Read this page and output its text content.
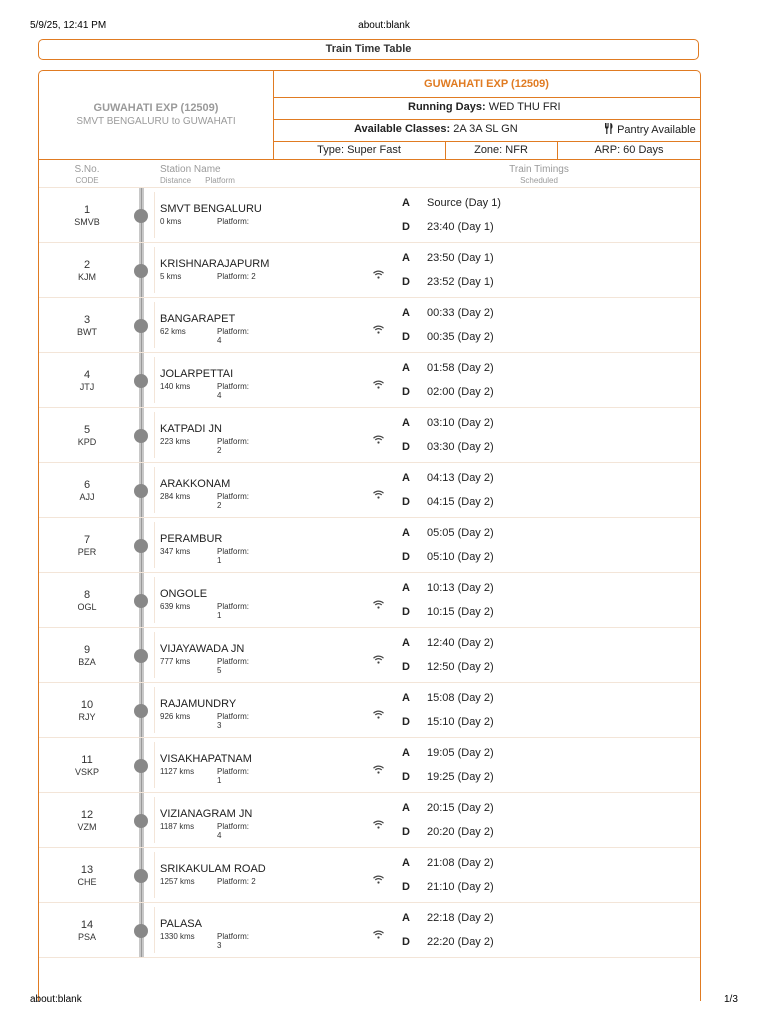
5/9/25, 12:41 PM	about:blank
Train Time Table
GUWAHATI EXP (12509)
SMVT BENGALURU to GUWAHATI
GUWAHATI EXP (12509)
Running Days: WED THU FRI
Available Classes: 2A 3A SL GN	Pantry Available
Type: Super Fast	Zone: NFR	ARP: 60 Days
S.No.
CODE
Station Name
Distance Platform
Train Timings
Scheduled
1
SMVB
SMVT BENGALURU
0 kms	Platform:
A Source (Day 1)
D 23:40 (Day 1)
2
KJM
KRISHNARAJAPURM
5 kms	Platform: 2
A 23:50 (Day 1)
D 23:52 (Day 1)
3
BWT
BANGARAPET
62 kms	Platform: 4
A 00:33 (Day 2)
D 00:35 (Day 2)
4
JTJ
JOLARPETTAI
140 kms	Platform: 4
A 01:58 (Day 2)
D 02:00 (Day 2)
5
KPD
KATPADI JN
223 kms	Platform: 2
A 03:10 (Day 2)
D 03:30 (Day 2)
6
AJJ
ARAKKONAM
284 kms	Platform: 2
A 04:13 (Day 2)
D 04:15 (Day 2)
7
PER
PERAMBUR
347 kms	Platform: 1
A 05:05 (Day 2)
D 05:10 (Day 2)
8
OGL
ONGOLE
639 kms	Platform: 1
A 10:13 (Day 2)
D 10:15 (Day 2)
9
BZA
VIJAYAWADA JN
777 kms	Platform: 5
A 12:40 (Day 2)
D 12:50 (Day 2)
10
RJY
RAJAMUNDRY
926 kms	Platform: 3
A 15:08 (Day 2)
D 15:10 (Day 2)
11
VSKP
VISAKHAPATNAM
1127 kms	Platform: 1
A 19:05 (Day 2)
D 19:25 (Day 2)
12
VZM
VIZIANAGRAM JN
1187 kms	Platform: 4
A 20:15 (Day 2)
D 20:20 (Day 2)
13
CHE
SRIKAKULAM ROAD
1257 kms	Platform: 2
A 21:08 (Day 2)
D 21:10 (Day 2)
14
PSA
PALASA
1330 kms	Platform: 3
A 22:18 (Day 2)
D 22:20 (Day 2)
about:blank	1/3
